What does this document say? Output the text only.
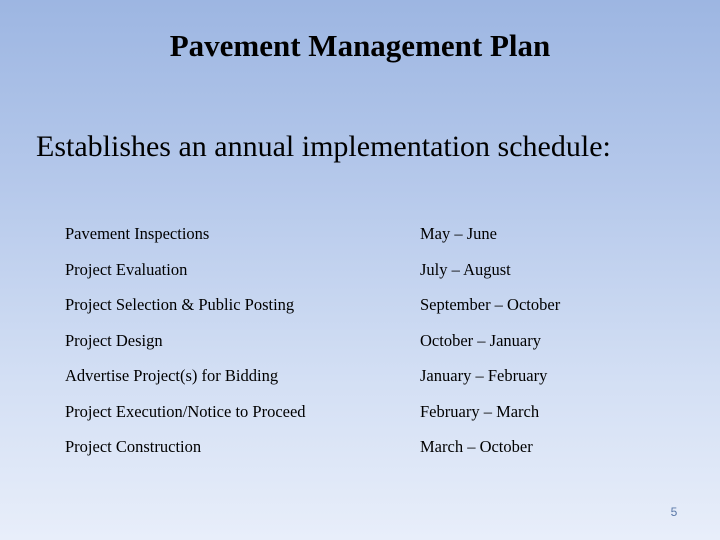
Pavement Management Plan
Establishes an annual implementation schedule:
Pavement Inspections	May – June
Project Evaluation	July – August
Project Selection & Public Posting	September – October
Project Design	October – January
Advertise Project(s) for Bidding	January – February
Project Execution/Notice to Proceed	February – March
Project Construction	March – October
5
